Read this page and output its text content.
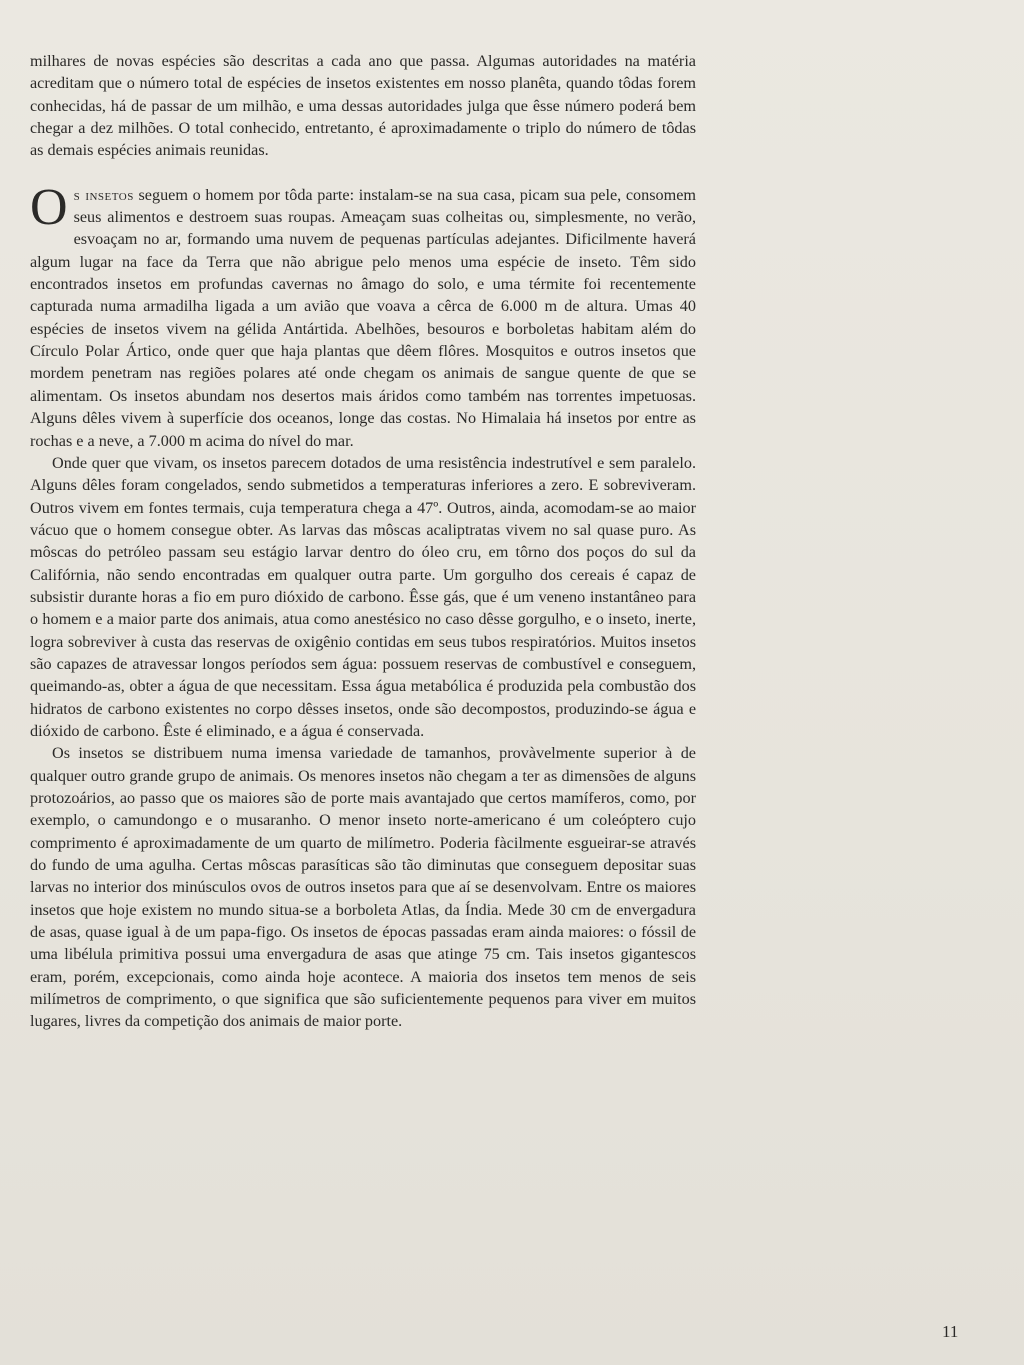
milhares de novas espécies são descritas a cada ano que passa. Algumas autoridades na matéria acreditam que o número total de espécies de insetos existentes em nosso planêta, quando tôdas forem conhecidas, há de passar de um milhão, e uma dessas autoridades julga que êsse número poderá bem chegar a dez milhões. O total conhecido, entretanto, é aproximadamente o triplo do número de tôdas as demais espécies animais reunidas.

Os insetos seguem o homem por tôda parte: instalam-se na sua casa, picam sua pele, consomem seus alimentos e destroem suas roupas. Ameaçam suas colheitas ou, simplesmente, no verão, esvoaçam no ar, formando uma nuvem de pequenas partículas adejantes. Dificilmente haverá algum lugar na face da Terra que não abrigue pelo menos uma espécie de inseto. Têm sido encontrados insetos em profundas cavernas no âmago do solo, e uma térmite foi recentemente capturada numa armadilha ligada a um avião que voava a cêrca de 6.000 m de altura. Umas 40 espécies de insetos vivem na gélida Antártida. Abelhões, besouros e borboletas habitam além do Círculo Polar Ártico, onde quer que haja plantas que dêem flôres. Mosquitos e outros insetos que mordem penetram nas regiões polares até onde chegam os animais de sangue quente de que se alimentam. Os insetos abundam nos desertos mais áridos como também nas torrentes impetuosas. Alguns dêles vivem à superfície dos oceanos, longe das costas. No Himalaia há insetos por entre as rochas e a neve, a 7.000 m acima do nível do mar.

Onde quer que vivam, os insetos parecem dotados de uma resistência indestrutível e sem paralelo. Alguns dêles foram congelados, sendo submetidos a temperaturas inferiores a zero. E sobreviveram. Outros vivem em fontes termais, cuja temperatura chega a 47º. Outros, ainda, acomodam-se ao maior vácuo que o homem consegue obter. As larvas das môscas acaliptratas vivem no sal quase puro. As môscas do petróleo passam seu estágio larvar dentro do óleo cru, em tôrno dos poços do sul da Califórnia, não sendo encontradas em qualquer outra parte. Um gorgulho dos cereais é capaz de subsistir durante horas a fio em puro dióxido de carbono. Êsse gás, que é um veneno instantâneo para o homem e a maior parte dos animais, atua como anestésico no caso dêsse gorgulho, e o inseto, inerte, logra sobreviver à custa das reservas de oxigênio contidas em seus tubos respiratórios. Muitos insetos são capazes de atravessar longos períodos sem água: possuem reservas de combustível e conseguem, queimando-as, obter a água de que necessitam. Essa água metabólica é produzida pela combustão dos hidratos de carbono existentes no corpo dêsses insetos, onde são decompostos, produzindo-se água e dióxido de carbono. Êste é eliminado, e a água é conservada.

Os insetos se distribuem numa imensa variedade de tamanhos, provàvelmente superior à de qualquer outro grande grupo de animais. Os menores insetos não chegam a ter as dimensões de alguns protozoários, ao passo que os maiores são de porte mais avantajado que certos mamíferos, como, por exemplo, o camundongo e o musaranho. O menor inseto norte-americano é um coleóptero cujo comprimento é aproximadamente de um quarto de milímetro. Poderia fàcilmente esgueirar-se através do fundo de uma agulha. Certas môscas parasíticas são tão diminutas que conseguem depositar suas larvas no interior dos minúsculos ovos de outros insetos para que aí se desenvolvam. Entre os maiores insetos que hoje existem no mundo situa-se a borboleta Atlas, da Índia. Mede 30 cm de envergadura de asas, quase igual à de um papa-figo. Os insetos de épocas passadas eram ainda maiores: o fóssil de uma libélula primitiva possui uma envergadura de asas que atinge 75 cm. Tais insetos gigantescos eram, porém, excepcionais, como ainda hoje acontece. A maioria dos insetos tem menos de seis milímetros de comprimento, o que significa que são suficientemente pequenos para viver em muitos lugares, livres da competição dos animais de maior porte.

11
